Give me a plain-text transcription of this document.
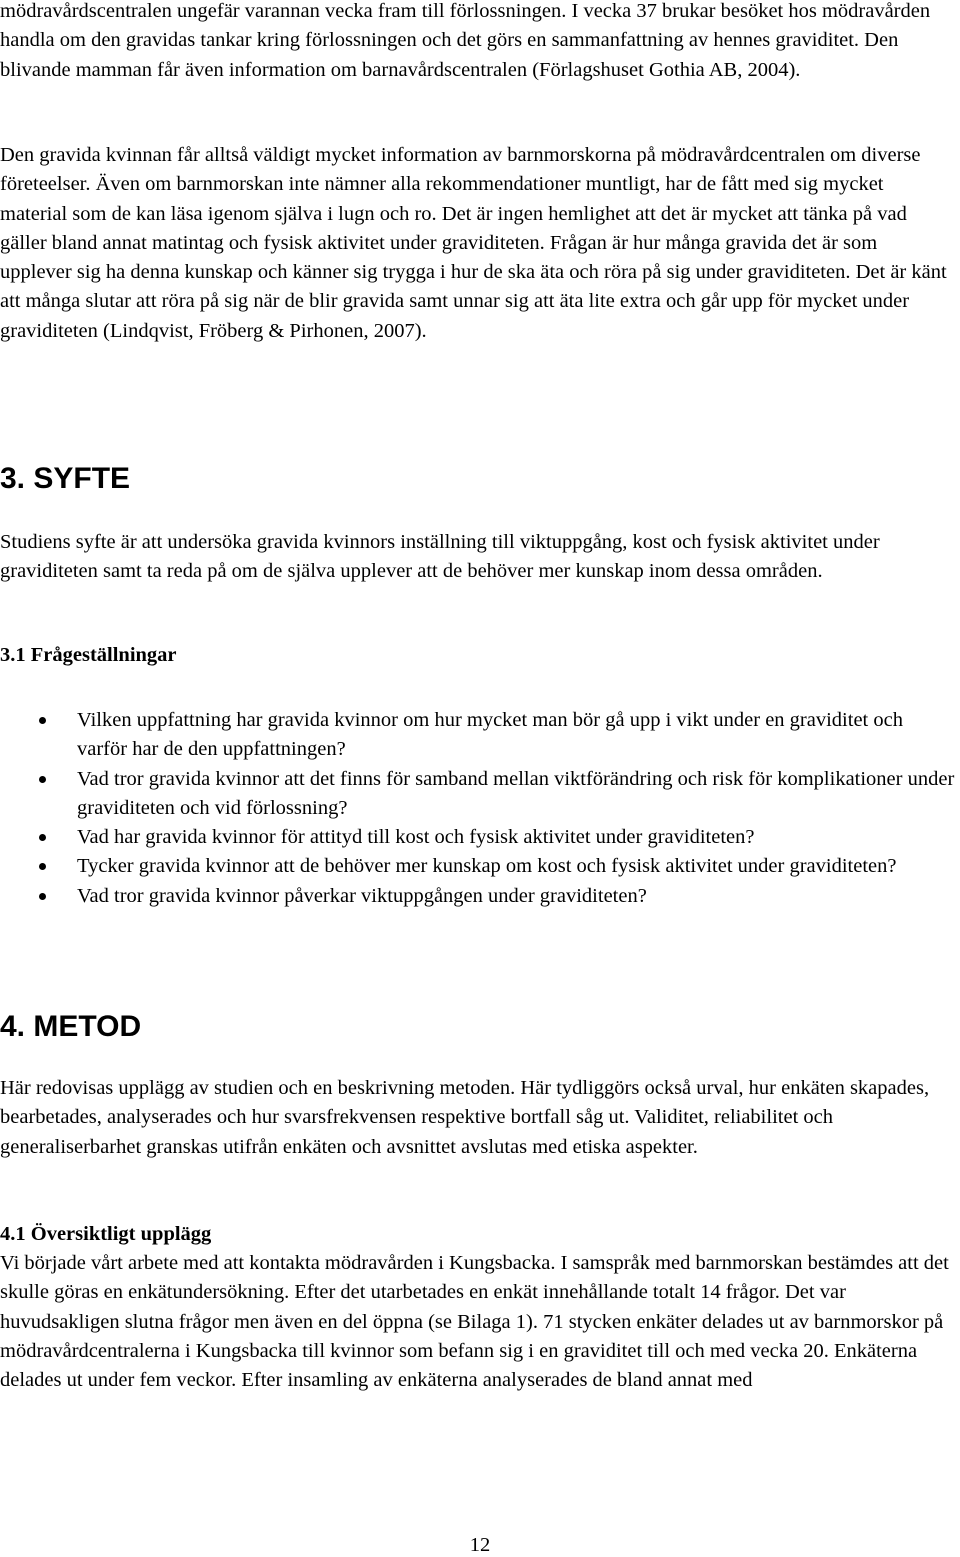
mödravårdscentralen ungefär varannan vecka fram till förlossningen. I vecka 37 brukar besöket hos mödravården handla om den gravidas tankar kring förlossningen och det görs en sammanfattning av hennes graviditet. Den blivande mamman får även information om barnavårdscentralen (Förlagshuset Gothia AB, 2004).

Den gravida kvinnan får alltså väldigt mycket information av barnmorskorna på mödravårdcentralen om diverse företeelser. Även om barnmorskan inte nämner alla rekommendationer muntligt, har de fått med sig mycket material som de kan läsa igenom själva i lugn och ro. Det är ingen hemlighet att det är mycket att tänka på vad gäller bland annat matintag och fysisk aktivitet under graviditeten. Frågan är hur många gravida det är som upplever sig ha denna kunskap och känner sig trygga i hur de ska äta och röra på sig under graviditeten. Det är känt att många slutar att röra på sig när de blir gravida samt unnar sig att äta lite extra och går upp för mycket under graviditeten (Lindqvist, Fröberg & Pirhonen, 2007).

3. SYFTE

Studiens syfte är att undersöka gravida kvinnors inställning till viktuppgång, kost och fysisk aktivitet under graviditeten samt ta reda på om de själva upplever att de behöver mer kunskap inom dessa områden.

3.1 Frågeställningar
Vilken uppfattning har gravida kvinnor om hur mycket man bör gå upp i vikt under en graviditet och varför har de den uppfattningen?
Vad tror gravida kvinnor att det finns för samband mellan viktförändring och risk för komplikationer under graviditeten och vid förlossning?
Vad har gravida kvinnor för attityd till kost och fysisk aktivitet under graviditeten?
Tycker gravida kvinnor att de behöver mer kunskap om kost och fysisk aktivitet under graviditeten?
Vad tror gravida kvinnor påverkar viktuppgången under graviditeten?
4. METOD

Här redovisas upplägg av studien och en beskrivning metoden. Här tydliggörs också urval, hur enkäten skapades, bearbetades, analyserades och hur svarsfrekvensen respektive bortfall såg ut. Validitet, reliabilitet och generaliserbarhet granskas utifrån enkäten och avsnittet avslutas med etiska aspekter.

4.1 Översiktligt upplägg

Vi började vårt arbete med att kontakta mödravården i Kungsbacka. I samspråk med barnmorskan bestämdes att det skulle göras en enkätundersökning. Efter det utarbetades en enkät innehållande totalt 14 frågor. Det var huvudsakligen slutna frågor men även en del öppna (se Bilaga 1). 71 stycken enkäter delades ut av barnmorskor på mödravårdcentralerna i Kungsbacka till kvinnor som befann sig i en graviditet till och med vecka 20. Enkäterna delades ut under fem veckor. Efter insamling av enkäterna analyserades de bland annat med

12
